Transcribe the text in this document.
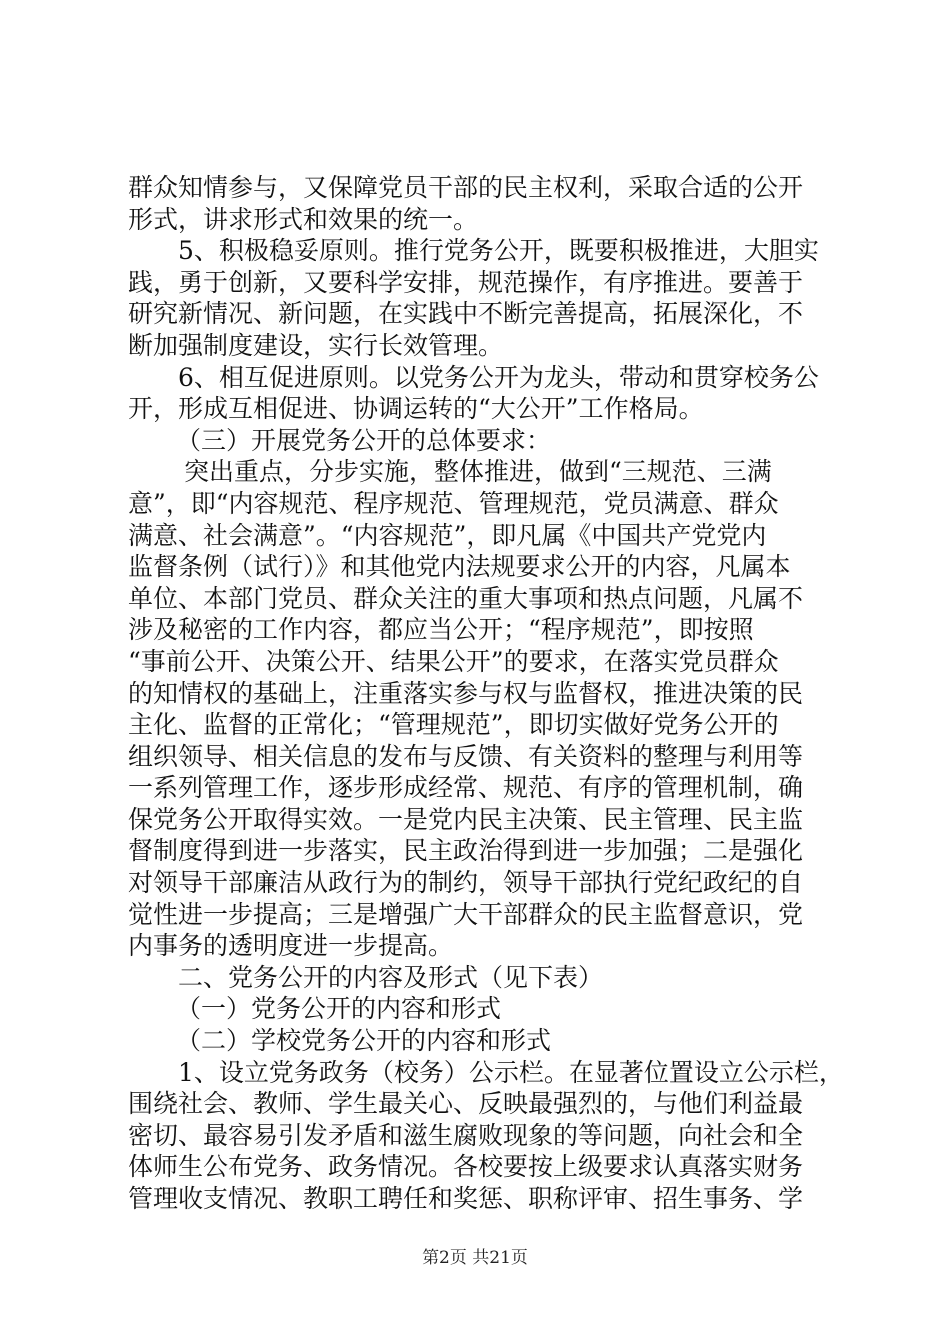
群众知情参与，又保障党员干部的民主权利，采取合适的公开
形式，讲求形式和效果的统一。
5、积极稳妥原则。推行党务公开，既要积极推进，大胆实
践，勇于创新，又要科学安排，规范操作，有序推进。要善于
研究新情况、新问题，在实践中不断完善提高，拓展深化，不
断加强制度建设，实行长效管理。
6、相互促进原则。以党务公开为龙头，带动和贯穿校务公
开，形成互相促进、协调运转的“大公开”工作格局。
（三）开展党务公开的总体要求：
突出重点，分步实施，整体推进，做到“三规范、三满
意”，即“内容规范、程序规范、管理规范，党员满意、群众
满意、社会满意”。“内容规范”，即凡属《中国共产党党内
监督条例（试行）》和其他党内法规要求公开的内容，凡属本
单位、本部门党员、群众关注的重大事项和热点问题，凡属不
涉及秘密的工作内容，都应当公开；“程序规范”，即按照
“事前公开、决策公开、结果公开”的要求，在落实党员群众
的知情权的基础上，注重落实参与权与监督权，推进决策的民
主化、监督的正常化；“管理规范”，即切实做好党务公开的
组织领导、相关信息的发布与反馈、有关资料的整理与利用等
一系列管理工作，逐步形成经常、规范、有序的管理机制，确
保党务公开取得实效。一是党内民主决策、民主管理、民主监
督制度得到进一步落实，民主政治得到进一步加强；二是强化
对领导干部廉洁从政行为的制约，领导干部执行党纪政纪的自
觉性进一步提高；三是增强广大干部群众的民主监督意识，党
内事务的透明度进一步提高。
二、党务公开的内容及形式（见下表）
（一）党务公开的内容和形式
（二）学校党务公开的内容和形式
1、设立党务政务（校务）公示栏。在显著位置设立公示栏，
围绕社会、教师、学生最关心、反映最强烈的，与他们利益最
密切、最容易引发矛盾和滋生腐败现象的等问题，向社会和全
体师生公布党务、政务情况。各校要按上级要求认真落实财务
管理收支情况、教职工聘任和奖惩、职称评审、招生事务、学
第2页 共21页
